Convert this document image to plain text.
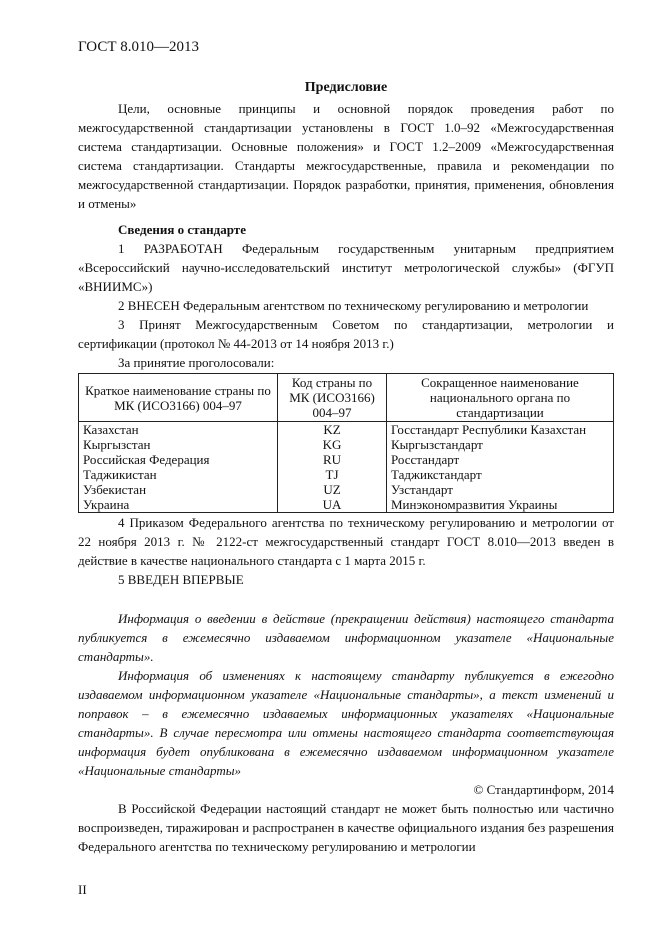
ГОСТ 8.010—2013
Предисловие

Цели, основные принципы и основной порядок проведения работ по межгосударственной стандартизации установлены в ГОСТ 1.0–92 «Межгосударственная система стандартизации. Основные положения» и ГОСТ 1.2–2009 «Межгосударственная система стандартизации. Стандарты межгосударственные, правила и рекомендации по межгосударственной стандартизации. Порядок разработки, принятия, применения, обновления и отмены»

Сведения о стандарте

1 РАЗРАБОТАН Федеральным государственным унитарным предприятием «Всероссийский научно-исследовательский институт метрологической службы» (ФГУП «ВНИИМС»)

2 ВНЕСЕН Федеральным агентством по техническому регулированию и метрологии

3 Принят Межгосударственным Советом по стандартизации, метрологии и сертификации (протокол № 44-2013 от 14 ноября 2013 г.)

За принятие проголосовали:

Краткое наименование страны по МК (ИСО3166) 004–97	Код страны по МК (ИСО3166) 004–97	Сокращенное наименование национального органа по стандартизации
Казахстан	KZ	Госстандарт Республики Казахстан
Кыргызстан	KG	Кыргызстандарт
Российская Федерация	RU	Росстандарт
Таджикистан	TJ	Таджикстандарт
Узбекистан	UZ	Узстандарт
Украина	UA	Минэкономразвития Украины

4 Приказом Федерального агентства по техническому регулированию и метрологии от 22 ноября 2013 г. № 2122-ст межгосударственный стандарт ГОСТ 8.010—2013 введен в действие в качестве национального стандарта с 1 марта 2015 г.

5 ВВЕДЕН ВПЕРВЫЕ

Информация о введении в действие (прекращении действия) настоящего стандарта публикуется в ежемесячно издаваемом информационном указателе «Национальные стандарты».

Информация об изменениях к настоящему стандарту публикуется в ежегодно издаваемом информационном указателе «Национальные стандарты», а текст изменений и поправок – в ежемесячно издаваемых информационных указателях «Национальные стандарты». В случае пересмотра или отмены настоящего стандарта соответствующая информация будет опубликована в ежемесячно издаваемом информационном указателе «Национальные стандарты»

© Стандартинформ, 2014

В Российской Федерации настоящий стандарт не может быть полностью или частично воспроизведен, тиражирован и распространен в качестве официального издания без разрешения Федерального агентства по техническому регулированию и метрологии

II
